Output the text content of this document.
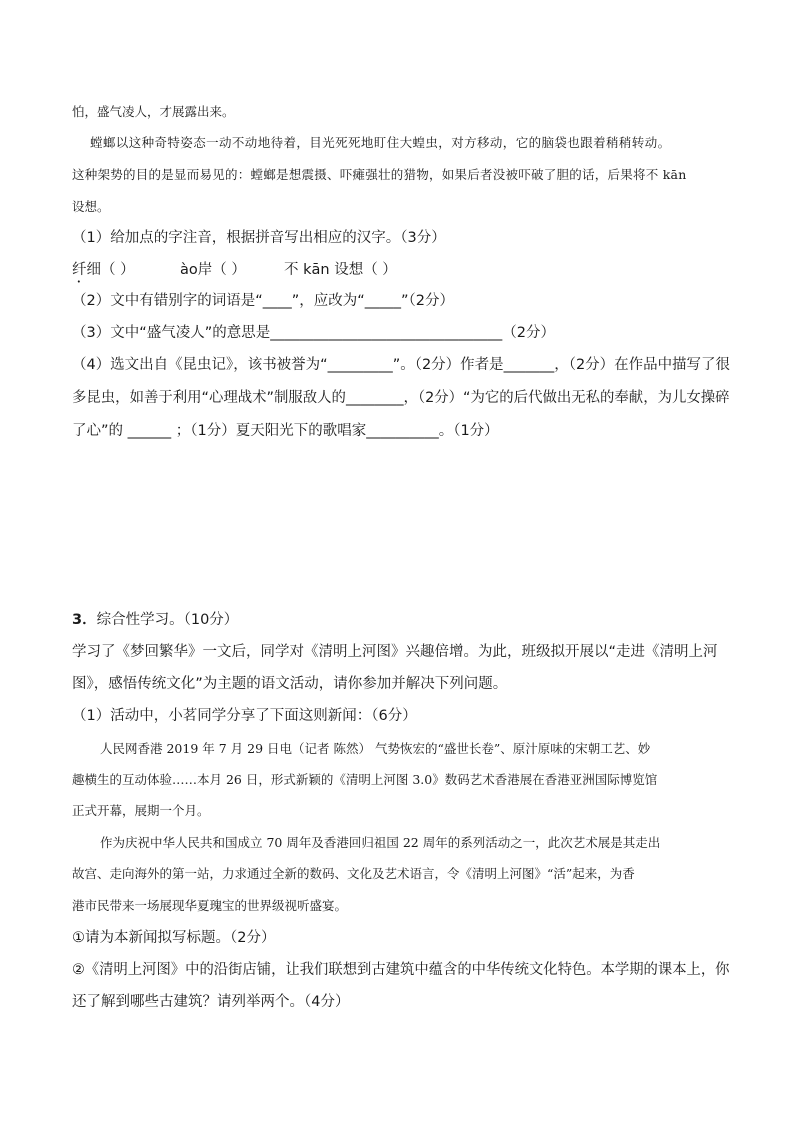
怕，盛气凌人，才展露出来。
螳螂以这种奇特姿态一动不动地待着，目光死死地盯住大蝗虫，对方移动，它的脑袋也跟着稍稍转动。
这种架势的目的是显而易见的：螳螂是想震摄、吓瘫强壮的猎物，如果后者没被吓破了胆的话，后果将不 kān
设想。
（1）给加点的字注音，根据拼音写出相应的汉字。（3分）
纤细（ ）	ào岸（ ）	不 kān 设想（ ）
（2）文中有错别字的词语是“____”，应改为“_____”（2分）
（3）文中“盛气凌人”的意思是________________________________（2分）
（4）选文出自《昆虫记》，该书被誉为“_________”。（2分）作者是_______，（2分）在作品中描写了很
多昆虫，如善于利用“心理战术”制服敌人的________，（2分）“为它的后代做出无私的奉献，为儿女操碎
了心”的 ______ ；（1分）夏天阳光下的歌唱家__________。（1分）
3．综合性学习。（10分）
学习了《梦回繁华》一文后，同学对《清明上河图》兴趣倍增。为此，班级拟开展以“走进《清明上河
图》，感悟传统文化”为主题的语文活动，请你参加并解决下列问题。
（1）活动中，小茗同学分享了下面这则新闻：（6分）
人民网香港 2019 年 7 月 29 日电（记者 陈然） 气势恢宏的“盛世长卷”、原汁原味的宋朝工艺、妙
趣横生的互动体验……本月 26 日，形式新颖的《清明上河图 3.0》数码艺术香港展在香港亚洲国际博览馆
正式开幕，展期一个月。
作为庆祝中华人民共和国成立 70 周年及香港回归祖国 22 周年的系列活动之一，此次艺术展是其走出
故宫、走向海外的第一站，力求通过全新的数码、文化及艺术语言，令《清明上河图》“活”起来，为香
港市民带来一场展现华夏瑰宝的世界级视听盛宴。
①请为本新闻拟写标题。（2分）
②《清明上河图》中的沿街店铺，让我们联想到古建筑中蕴含的中华传统文化特色。本学期的课本上，你
还了解到哪些古建筑？请列举两个。（4分）
